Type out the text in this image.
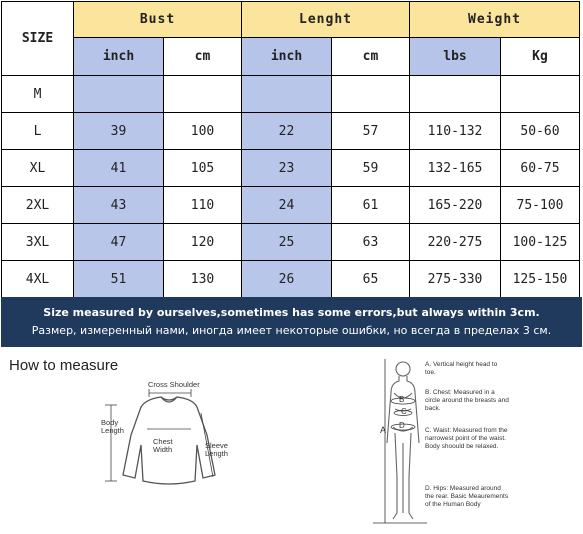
SIZE	Bust		Lenght		Weight	
	inch	cm	inch	cm	lbs	Kg
M						
L	39	100	22	57	110-132	50-60
XL	41	105	23	59	132-165	60-75
2XL	43	110	24	61	165-220	75-100
3XL	47	120	25	63	220-275	100-125
4XL	51	130	26	65	275-330	125-150
Size measured by ourselves,sometimes has some errors,but always within 3cm.
Размер, измеренный нами, иногда имеет некоторые ошибки, но всегда в пределах 3 см.
How to measure
Cross Shoulder
Body Length
Chest Width	Sleeve Length
A
B
C
D
A. Vertical height head to toe.
B. Chest: Measured in a circle around the breasts and back.
C. Waist: Measured from the narrowest point of the waist. Body shoould be relaxed.
D. Hips: Measured around the rear. Basic Meaurements of the Human Body
